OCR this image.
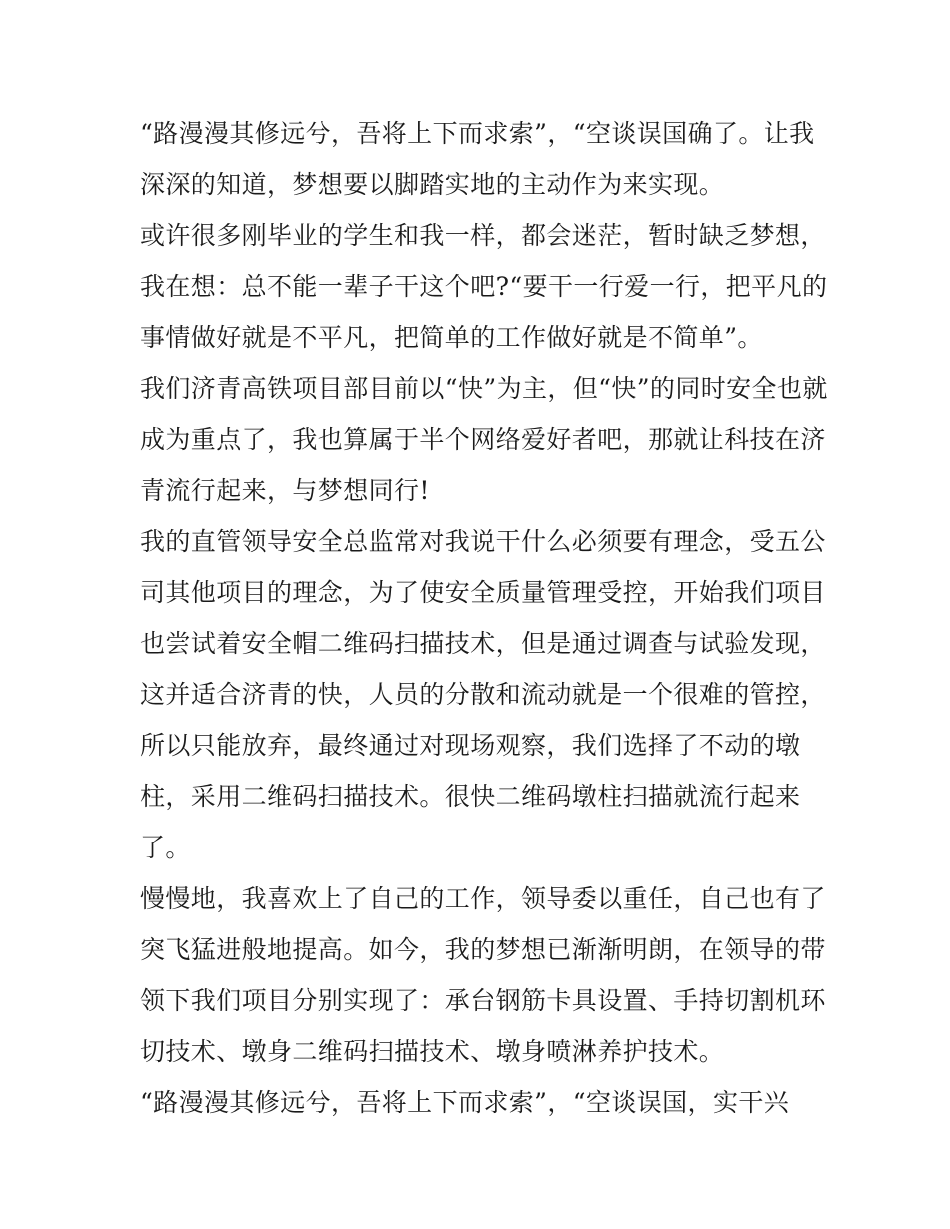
“路漫漫其修远兮，吾将上下而求索”，“空谈误国确了。让我
深深的知道，梦想要以脚踏实地的主动作为来实现。
或许很多刚毕业的学生和我一样，都会迷茫，暂时缺乏梦想，
我在想：总不能一辈子干这个吧?“要干一行爱一行，把平凡的
事情做好就是不平凡，把简单的工作做好就是不简单”。
我们济青高铁项目部目前以“快”为主，但“快”的同时安全也就
成为重点了，我也算属于半个网络爱好者吧，那就让科技在济
青流行起来，与梦想同行!
我的直管领导安全总监常对我说干什么必须要有理念，受五公
司其他项目的理念，为了使安全质量管理受控，开始我们项目
也尝试着安全帽二维码扫描技术，但是通过调查与试验发现，
这并适合济青的快，人员的分散和流动就是一个很难的管控，
所以只能放弃，最终通过对现场观察，我们选择了不动的墩
柱，采用二维码扫描技术。很快二维码墩柱扫描就流行起来
了。
慢慢地，我喜欢上了自己的工作，领导委以重任，自己也有了
突飞猛进般地提高。如今，我的梦想已渐渐明朗，在领导的带
领下我们项目分别实现了：承台钢筋卡具设置、手持切割机环
切技术、墩身二维码扫描技术、墩身喷淋养护技术。
“路漫漫其修远兮，吾将上下而求索”，“空谈误国，实干兴
